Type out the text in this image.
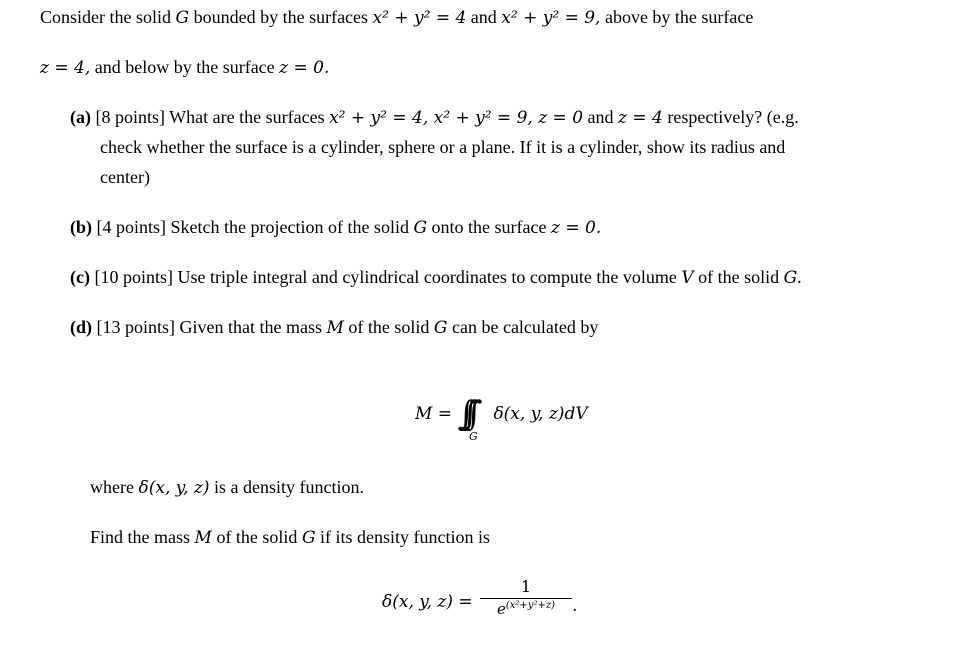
Consider the solid G bounded by the surfaces x² + y² = 4 and x² + y² = 9, above by the surface
z = 4, and below by the surface z = 0.
(a) [8 points] What are the surfaces x² + y² = 4, x² + y² = 9, z = 0 and z = 4 respectively? (e.g.
check whether the surface is a cylinder, sphere or a plane. If it is a cylinder, show its radius and
center)
(b) [4 points] Sketch the projection of the solid G onto the surface z = 0.
(c) [10 points] Use triple integral and cylindrical coordinates to compute the volume V of the solid G.
(d) [13 points] Given that the mass M of the solid G can be calculated by
M = ∫∫∫ δ(x, y, z)dV
G
where δ(x, y, z) is a density function.
Find the mass M of the solid G if its density function is
δ(x, y, z) =
1
$e^{(x^2+y^2+z)}$ .
